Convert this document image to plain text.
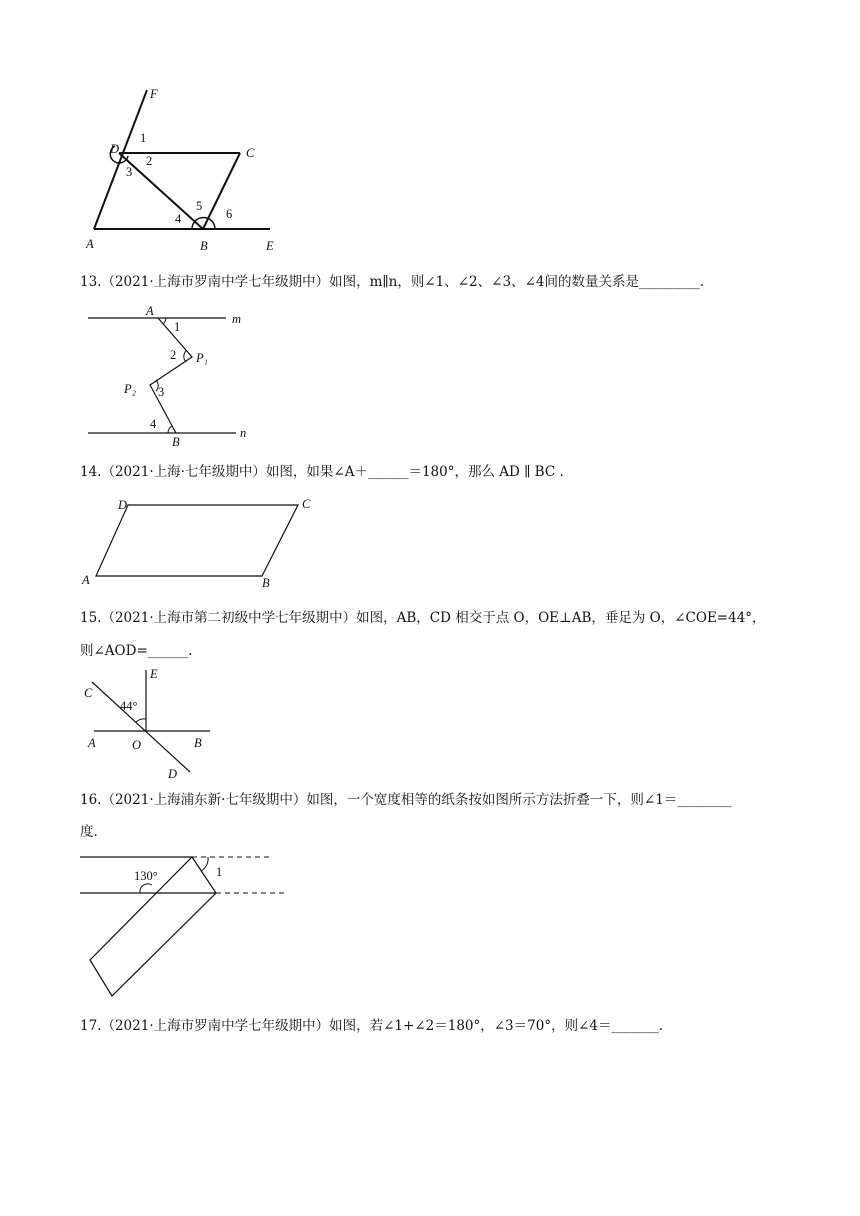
F
D	C
A	B	E
1
2
3
4
5
6
13.（2021·上海市罗南中学七年级期中）如图，m∥n，则∠1、∠2、∠3、∠4间的数量关系是_________.
A
m
1
2 P₁
P₂ 3
4
B
n
14.（2021·上海·七年级期中）如图，如果∠A＋______＝180°，那么 AD ∥ BC .
A	B
C
D
15.（2021·上海市第二初级中学七年级期中）如图，AB，CD 相交于点 O，OE⊥AB，垂足为 O，∠COE=44°，
则∠AOD=______.
C
E
44°
A	O	B
D
16.（2021·上海浦东新·七年级期中）如图，一个宽度相等的纸条按如图所示方法折叠一下，则∠1＝________
度.
130°	1
17.（2021·上海市罗南中学七年级期中）如图，若∠1+∠2＝180°，∠3＝70°，则∠4＝_______.
